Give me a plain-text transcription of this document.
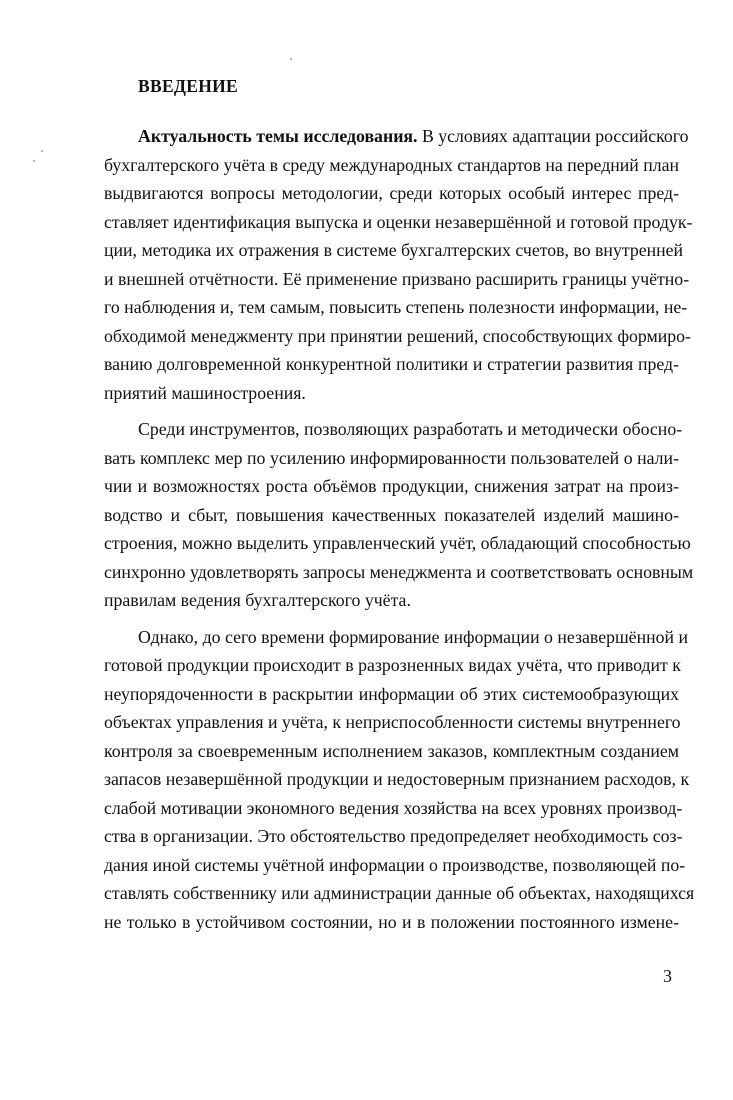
ВВЕДЕНИЕ
Актуальность темы исследования. В условиях адаптации российского
бухгалтерского учёта в среду международных стандартов на передний план
выдвигаются вопросы методологии, среди которых особый интерес пред-
ставляет идентификация выпуска и оценки незавершённой и готовой продук-
ции, методика их отражения в системе бухгалтерских счетов, во внутренней
и внешней отчётности. Её применение призвано расширить границы учётно-
го наблюдения и, тем самым, повысить степень полезности информации, не-
обходимой менеджменту при принятии решений, способствующих формиро-
ванию долговременной конкурентной политики и стратегии развития пред-
приятий машиностроения.
Среди инструментов, позволяющих разработать и методически обосно-
вать комплекс мер по усилению информированности пользователей о нали-
чии и возможностях роста объёмов продукции, снижения затрат на произ-
водство и сбыт, повышения качественных показателей изделий машино-
строения, можно выделить управленческий учёт, обладающий способностью
синхронно удовлетворять запросы менеджмента и соответствовать основным
правилам ведения бухгалтерского учёта.
Однако, до сего времени формирование информации о незавершённой и
готовой продукции происходит в разрозненных видах учёта, что приводит к
неупорядоченности в раскрытии информации об этих системообразующих
объектах управления и учёта, к неприспособленности системы внутреннего
контроля за своевременным исполнением заказов, комплектным созданием
запасов незавершённой продукции и недостоверным признанием расходов, к
слабой мотивации экономного ведения хозяйства на всех уровнях производ-
ства в организации. Это обстоятельство предопределяет необходимость соз-
дания иной системы учётной информации о производстве, позволяющей по-
ставлять собственнику или администрации данные об объектах, находящихся
не только в устойчивом состоянии, но и в положении постоянного измене-
3
